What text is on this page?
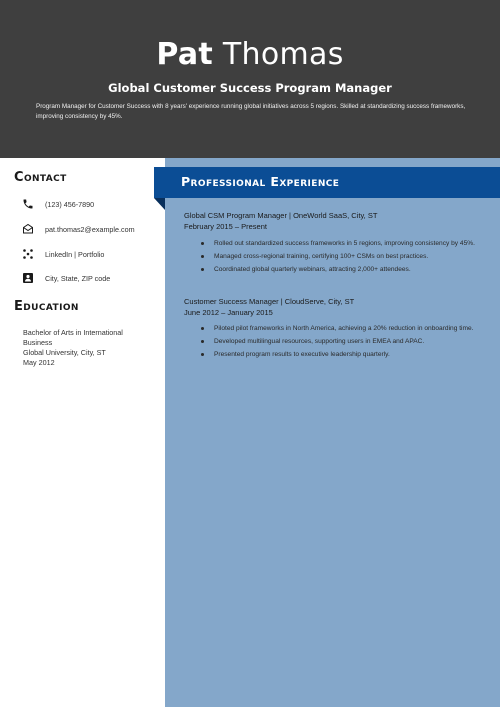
Pat Thomas
Global Customer Success Program Manager
Program Manager for Customer Success with 8 years' experience running global initiatives across 5 regions. Skilled at standardizing success frameworks, improving consistency by 45%.
Contact
(123) 456-7890
pat.thomas2@example.com
LinkedIn | Portfolio
City, State, ZIP code
Education
Bachelor of Arts in International Business
Global University, City, ST
May 2012
Professional Experience
Global CSM Program Manager | OneWorld SaaS, City, ST
February 2015 – Present
Rolled out standardized success frameworks in 5 regions, improving consistency by 45%.
Managed cross-regional training, certifying 100+ CSMs on best practices.
Coordinated global quarterly webinars, attracting 2,000+ attendees.
Customer Success Manager | CloudServe, City, ST
June 2012 – January 2015
Piloted pilot frameworks in North America, achieving a 20% reduction in onboarding time.
Developed multilingual resources, supporting users in EMEA and APAC.
Presented program results to executive leadership quarterly.
